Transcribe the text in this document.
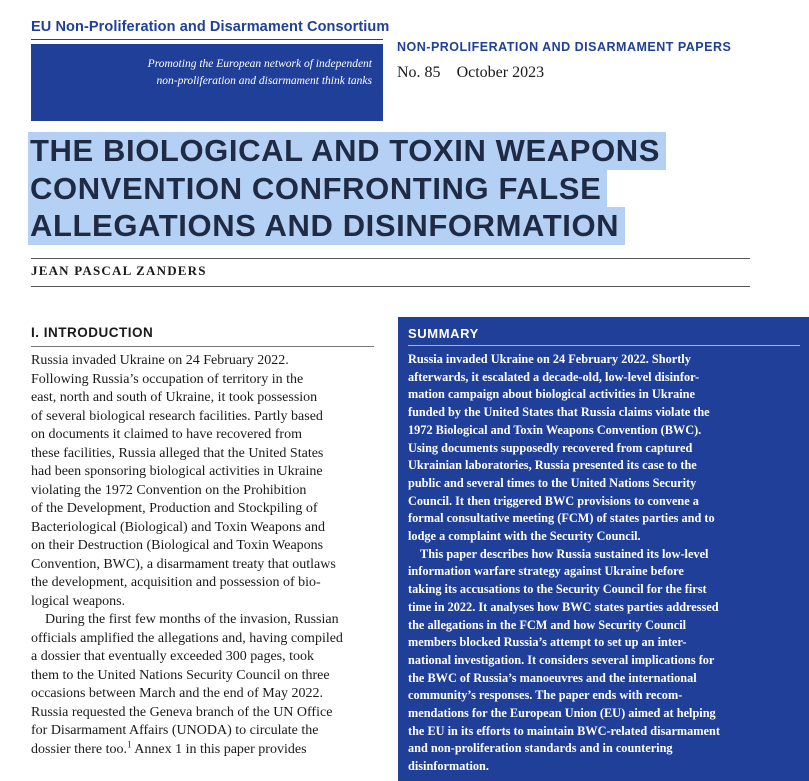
EU Non-Proliferation and Disarmament Consortium
Promoting the European network of independent
non-proliferation and disarmament think tanks
NON-PROLIFERATION AND DISARMAMENT PAPERS
No. 85 October 2023
THE BIOLOGICAL AND TOXIN WEAPONS
CONVENTION CONFRONTING FALSE
ALLEGATIONS AND DISINFORMATION
JEAN PASCAL ZANDERS
I. INTRODUCTION
Russia invaded Ukraine on 24 February 2022.
Following Russia’s occupation of territory in the
east, north and south of Ukraine, it took possession
of several biological research facilities. Partly based
on documents it claimed to have recovered from
these facilities, Russia alleged that the United States
had been sponsoring biological activities in Ukraine
violating the 1972 Convention on the Prohibition
of the Development, Production and Stockpiling of
Bacteriological (Biological) and Toxin Weapons and
on their Destruction (Biological and Toxin Weapons
Convention, BWC), a disarmament treaty that outlaws
the development, acquisition and possession of bio-
logical weapons.
During the first few months of the invasion, Russian
officials amplified the allegations and, having compiled
a dossier that eventually exceeded 300 pages, took
them to the United Nations Security Council on three
occasions between March and the end of May 2022.
Russia requested the Geneva branch of the UN Office
for Disarmament Affairs (UNODA) to circulate the
dossier there too.$^1$ Annex 1 in this paper provides
SUMMARY
Russia invaded Ukraine on 24 February 2022. Shortly
afterwards, it escalated a decade-old, low-level disinfor-
mation campaign about biological activities in Ukraine
funded by the United States that Russia claims violate the
1972 Biological and Toxin Weapons Convention (BWC).
Using documents supposedly recovered from captured
Ukrainian laboratories, Russia presented its case to the
public and several times to the United Nations Security
Council. It then triggered BWC provisions to convene a
formal consultative meeting (FCM) of states parties and to
lodge a complaint with the Security Council.
This paper describes how Russia sustained its low-level
information warfare strategy against Ukraine before
taking its accusations to the Security Council for the first
time in 2022. It analyses how BWC states parties addressed
the allegations in the FCM and how Security Council
members blocked Russia’s attempt to set up an inter-
national investigation. It considers several implications for
the BWC of Russia’s manoeuvres and the international
community’s responses. The paper ends with recom-
mendations for the European Union (EU) aimed at helping
the EU in its efforts to maintain BWC-related disarmament
and non-proliferation standards and in countering
disinformation.
